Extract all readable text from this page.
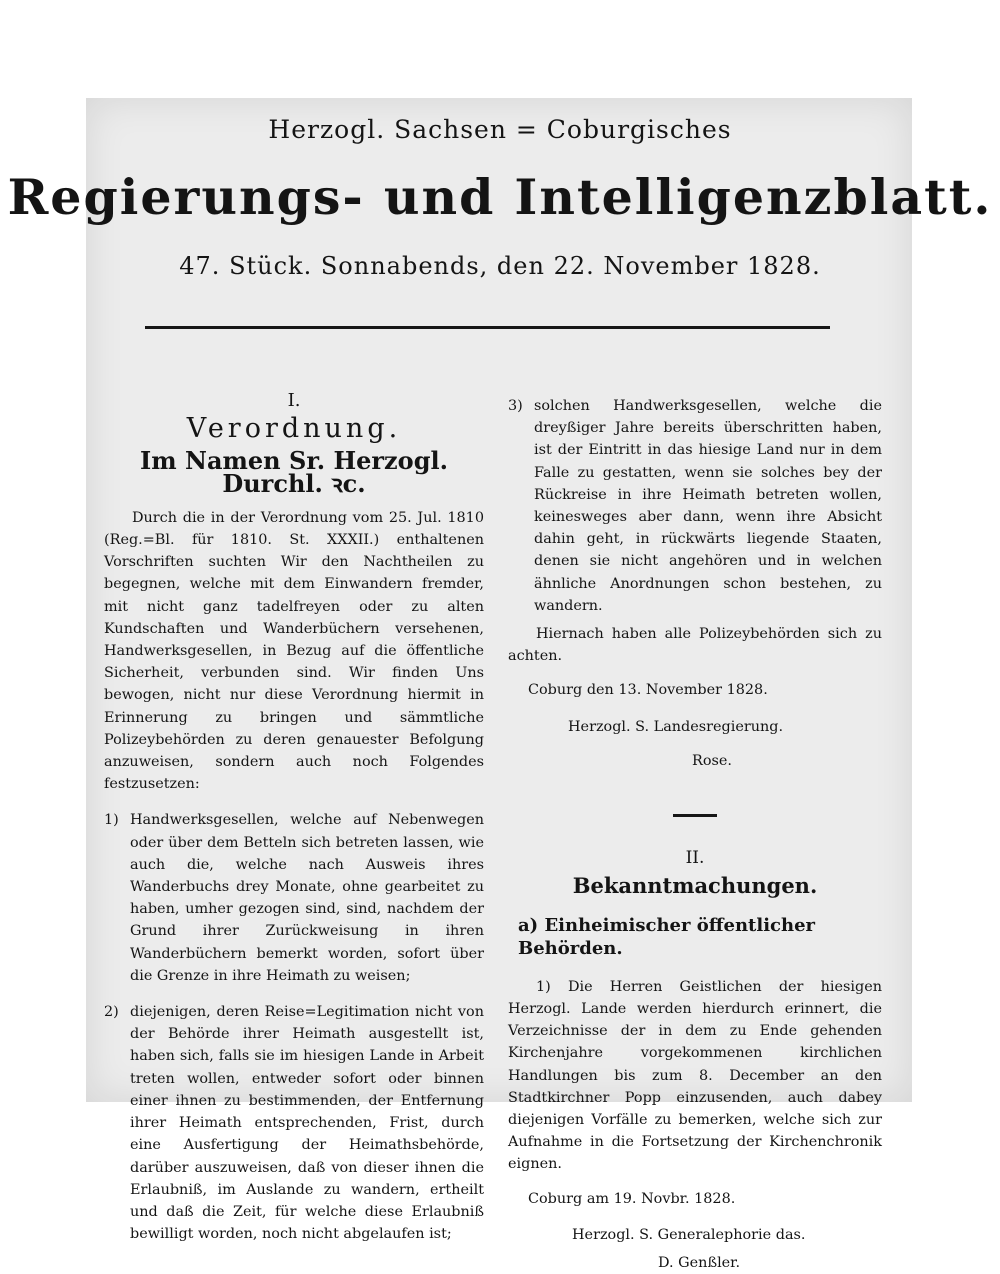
Herzogl. Sachsen = Coburgisches
Regierungs- und Intelligenzblatt.
47. Stück. Sonnabends, den 22. November 1828.
I.
Verordnung.
Im Namen Sr. Herzogl. Durchl. ꝛc.

Durch die in der Verordnung vom 25. Jul. 1810 (Reg.=Bl. für 1810. St. XXXII.) enthaltenen Vorschriften suchten Wir den Nachtheilen zu begegnen, welche mit dem Einwandern fremder, mit nicht ganz tadelfreyen oder zu alten Kundschaften und Wanderbüchern versehenen, Handwerksgesellen, in Bezug auf die öffentliche Sicherheit, verbunden sind. Wir finden Uns bewogen, nicht nur diese Verordnung hiermit in Erinnerung zu bringen und sämmtliche Polizeybehörden zu deren genauester Befolgung anzuweisen, sondern auch noch Folgendes festzusetzen:

1) Handwerksgesellen, welche auf Nebenwegen oder über dem Betteln sich betreten lassen, wie auch die, welche nach Ausweis ihres Wanderbuchs drey Monate, ohne gearbeitet zu haben, umher gezogen sind, sind, nachdem der Grund ihrer Zurückweisung in ihren Wanderbüchern bemerkt worden, sofort über die Grenze in ihre Heimath zu weisen;
2) diejenigen, deren Reise=Legitimation nicht von der Behörde ihrer Heimath ausgestellt ist, haben sich, falls sie im hiesigen Lande in Arbeit treten wollen, entweder sofort oder binnen einer ihnen zu bestimmenden, der Entfernung ihrer Heimath entsprechenden, Frist, durch eine Ausfertigung der Heimathsbehörde, darüber auszuweisen, daß von dieser ihnen die Erlaubniß, im Auslande zu wandern, ertheilt und daß die Zeit, für welche diese Erlaubniß bewilligt worden, noch nicht abgelaufen ist;
3) solchen Handwerksgesellen, welche die dreyßiger Jahre bereits überschritten haben, ist der Eintritt in das hiesige Land nur in dem Falle zu gestatten, wenn sie solches bey der Rückreise in ihre Heimath betreten wollen, keinesweges aber dann, wenn ihre Absicht dahin geht, in rückwärts liegende Staaten, denen sie nicht angehören und in welchen ähnliche Anordnungen schon bestehen, zu wandern.

Hiernach haben alle Polizeybehörden sich zu achten.

Coburg den 13. November 1828.
Herzogl. S. Landesregierung.
Rose.
II.
Bekanntmachungen.
a) Einheimischer öffentlicher Behörden.

1) Die Herren Geistlichen der hiesigen Herzogl. Lande werden hierdurch erinnert, die Verzeichnisse der in dem zu Ende gehenden Kirchenjahre vorgekommenen kirchlichen Handlungen bis zum 8. December an den Stadtkirchner Popp einzusenden, auch dabey diejenigen Vorfälle zu bemerken, welche sich zur Aufnahme in die Fortsetzung der Kirchenchronik eignen.

Coburg am 19. Novbr. 1828.
Herzogl. S. Generalephorie das.
D. Genßler.
